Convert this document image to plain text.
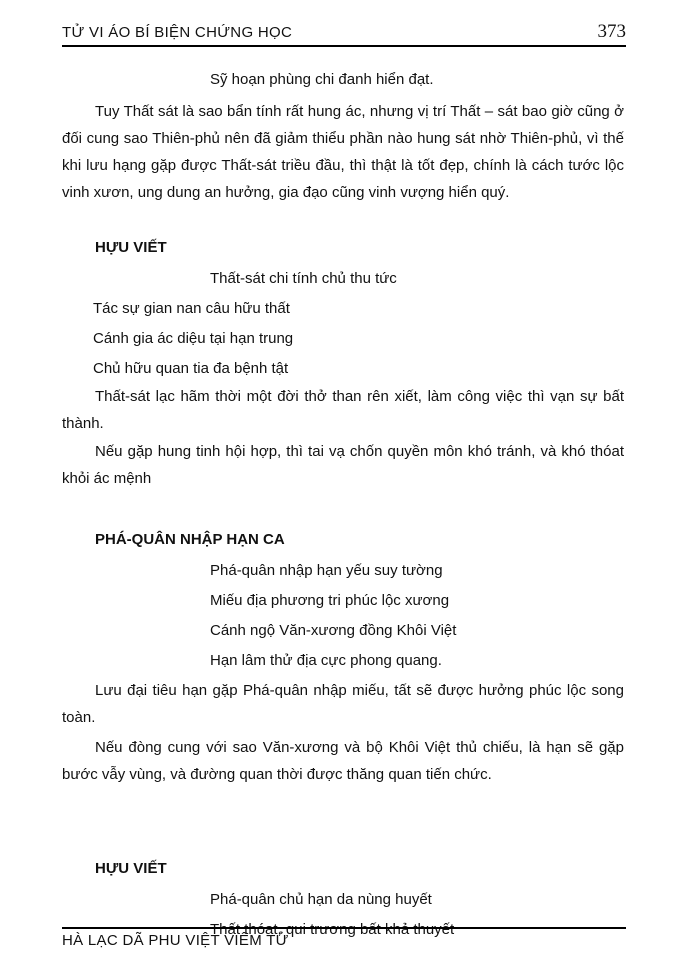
TỬ VI ÁO BÍ BIỆN CHỨNG HỌC	373
Sỹ hoạn phùng chi đanh hiển đạt.

Tuy Thất sát là sao bẩn tính rất hung ác, nhưng vị trí Thất – sát bao giờ cũng ở đối cung sao Thiên-phủ nên đã giảm thiểu phần nào hung sát nhờ Thiên-phủ, vì thế khi lưu hạng gặp được Thất-sát triều đầu, thì thật là tốt đẹp, chính là cách tước lộc vinh xươn, ung dung an hưởng, gia đạo cũng vinh vượng hiển quý.

HỰU VIẾT
Thất-sát chi tính chủ thu tức
Tác sự gian nan câu hữu thất
Cánh gia ác diệu tại hạn trung
Chủ hữu quan tia đa bệnh tật

Thất-sát lạc hãm thời một đời thở than rên xiết, làm công việc thì vạn sự bất thành.

Nếu gặp hung tinh hội hợp, thì tai vạ chốn quyền môn khó tránh, và khó thóat khỏi ác mệnh

PHÁ-QUÂN NHẬP HẠN CA
Phá-quân nhập hạn yếu suy tường
Miếu địa phương tri phúc lộc xương
Cánh ngộ Văn-xương đồng Khôi Việt
Hạn lâm thử địa cực phong quang.

Lưu đại tiêu hạn gặp Phá-quân nhập miếu, tất sẽ được hưởng phúc lộc song toàn.

Nếu đòng cung với sao Văn-xương và bộ Khôi Việt thủ chiếu, là hạn sẽ gặp bước vẫy vùng, và đường quan thời được thăng quan tiến chức.

HỰU VIẾT
Phá-quân chủ hạn da nùng huyết
Thất thóat, qui trương bất khả thuyết
HÀ LẠC DÃ PHU VIỆT VIÊM TỬ
